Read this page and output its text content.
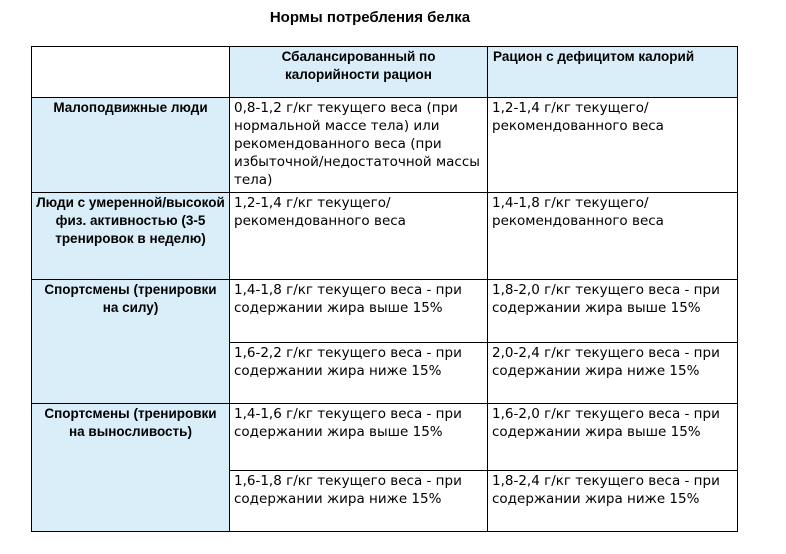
Нормы потребления белка
	Сбалансированный по калорийности рацион	Рацион с дефицитом калорий
Малоподвижные люди	0,8-1,2 г/кг текущего веса (при нормальной массе тела) или рекомендованного веса (при избыточной/недостаточной массы тела)	1,2-1,4 г/кг текущего/рекомендованного веса
Люди с умеренной/высокой физ. активностью (3-5 тренировок в неделю)	1,2-1,4 г/кг текущего/рекомендованного веса	1,4-1,8 г/кг текущего/рекомендованного веса
Спортсмены (тренировки на силу)	1,4-1,8 г/кг текущего веса - при содержании жира выше 15%	1,8-2,0 г/кг текущего веса - при содержании жира выше 15%
	1,6-2,2 г/кг текущего веса - при содержании жира ниже 15%	2,0-2,4 г/кг текущего веса - при содержании жира ниже 15%
Спортсмены (тренировки на выносливость)	1,4-1,6 г/кг текущего веса - при содержании жира выше 15%	1,6-2,0 г/кг текущего веса - при содержании жира выше 15%
	1,6-1,8 г/кг текущего веса - при содержании жира ниже 15%	1,8-2,4 г/кг текущего веса - при содержании жира ниже 15%
